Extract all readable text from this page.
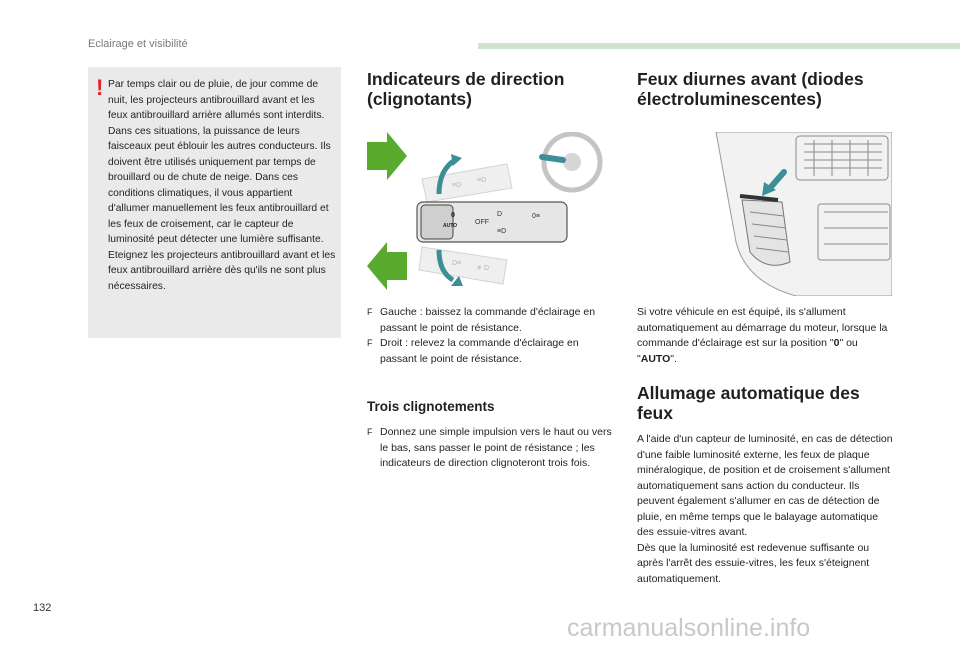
Eclairage et visibilité
! Par temps clair ou de pluie, de jour comme de nuit, les projecteurs antibrouillard avant et les feux antibrouillard arrière allumés sont interdits. Dans ces situations, la puissance de leurs faisceaux peut éblouir les autres conducteurs. Ils doivent être utilisés uniquement par temps de brouillard ou de chute de neige. Dans ces conditions climatiques, il vous appartient d'allumer manuellement les feux antibrouillard et les feux de croisement, car le capteur de luminosité peut détecter une lumière suffisante. Eteignez les projecteurs antibrouillard avant et les feux antibrouillard arrière dès qu'ils ne sont plus nécessaires.
Indicateurs de direction
(clignotants)
≡D
≡D
D≡
≢D
0
AUTO	OFF
D
≡D
0≡
F Gauche : baissez la commande d'éclairage en passant le point de résistance.
F Droit : relevez la commande d'éclairage en passant le point de résistance.
Trois clignotements
F Donnez une simple impulsion vers le haut ou vers le bas, sans passer le point de résistance ; les indicateurs de direction clignoteront trois fois.
Feux diurnes avant (diodes
électroluminescentes)
Si votre véhicule en est équipé, ils s'allument automatiquement au démarrage du moteur, lorsque la commande d'éclairage est sur la position "0" ou "AUTO".
Allumage automatique des
feux
A l'aide d'un capteur de luminosité, en cas de détection d'une faible luminosité externe, les feux de plaque minéralogique, de position et de croisement s'allument automatiquement sans action du conducteur. Ils peuvent également s'allumer en cas de détection de pluie, en même temps que le balayage automatique des essuie-vitres avant.
Dès que la luminosité est redevenue suffisante ou après l'arrêt des essuie-vitres, les feux s'éteignent automatiquement.
132
carmanualsonline.info
